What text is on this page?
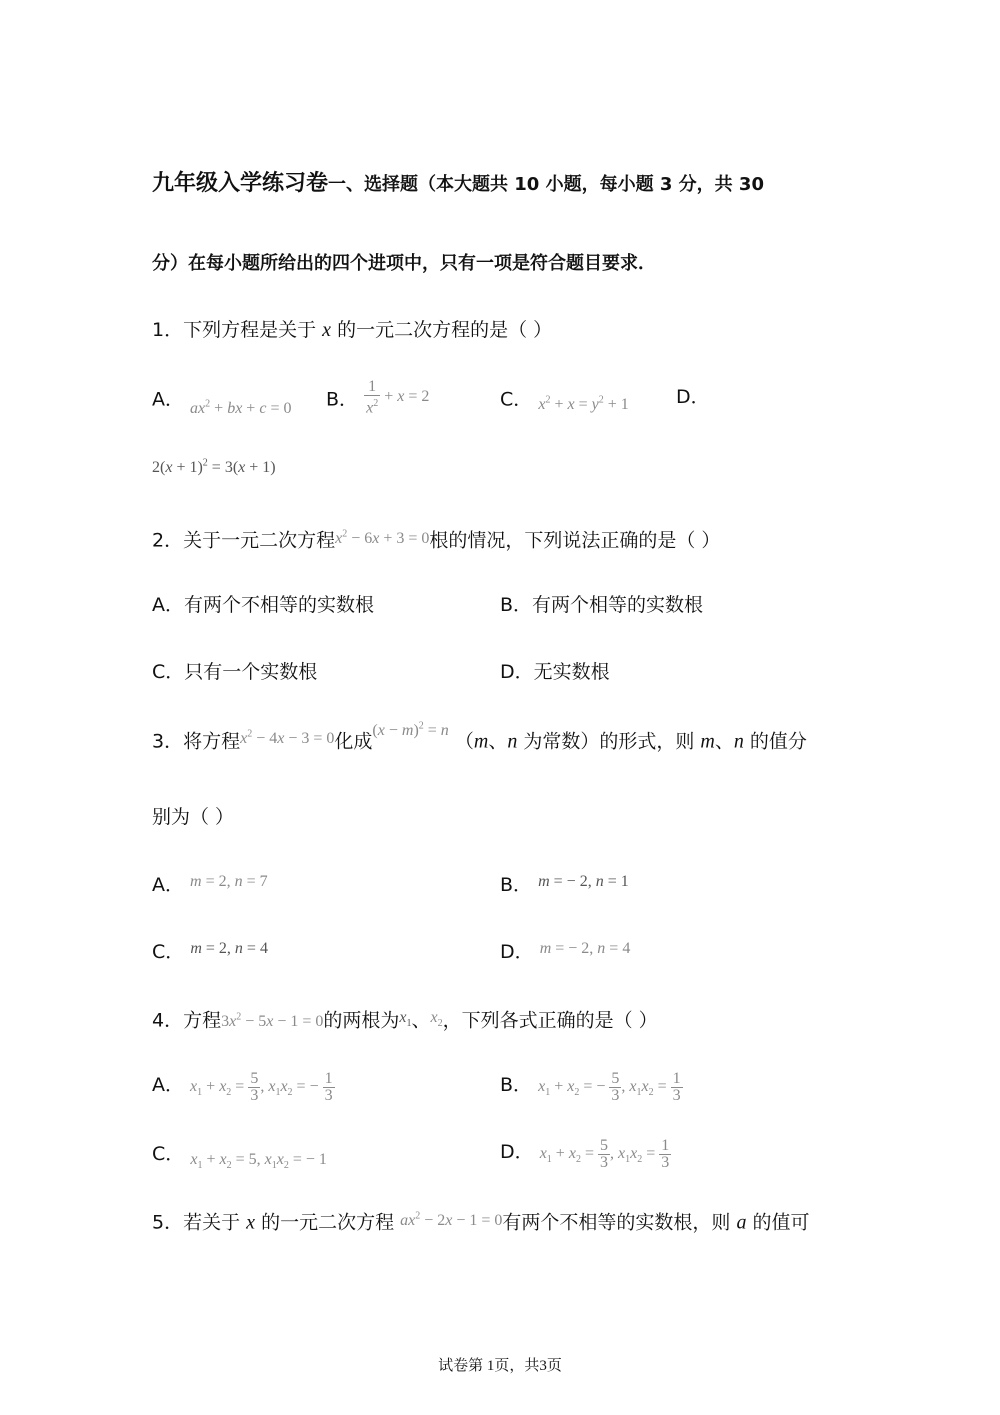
九年级入学练习卷一、选择题（本大题共 10 小题，每小题 3 分，共 30
分）在每小题所给出的四个进项中，只有一项是符合题目要求．
1．下列方程是关于 x 的一元二次方程的是（ ）
A． $_{ax^2 + bx + c = 0}$ B． $^{\frac{1}{x^2} + x = 2}$	C． $_{x^2 + x = y^2 + 1}$ D．
$2(x + 1)^2 = 3(x + 1)$
2．关于一元二次方程$x^2 - 6x + 3 = 0$根的情况，下列说法正确的是（ ）
A．有两个不相等的实数根	B．有两个相等的实数根
C．只有一个实数根	D．无实数根
3．将方程$^{x^2 - 4x - 3 = 0}$化成$^{(x - m)^2 = n}$ （m、n 为常数）的形式，则 m、n 的值分
别为（ ）
A． $^{m = 2, n = 7}$	B． $^{m = - 2, n = 1}$
C． $^{m = 2, n = 4}$	D． $^{m = - 2, n = 4}$
4．方程$3x^2 - 5x - 1 = 0$的两根为$^{x_1}$、$^{x_2}$，下列各式正确的是（ ）
A． $x_1 + x_2 = \frac{5}{3}$ , $x_1x_2$ = − $\frac{1}{3}$	B． $x_1 + x_2$ = − $\frac{5}{3}$ , $x_1x_2 = \frac{1}{3}$
C． $_{x_1 + x_2 = 5, x_1x_2 = - 1}$	D． $x_1 + x_2 = \frac{5}{3}$ , $x_1x_2 = \frac{1}{3}$
5．若关于 x 的一元二次方程 $ax^2 - 2x - 1 = 0$有两个不相等的实数根，则 a 的值可
试卷第 1页，共3页
